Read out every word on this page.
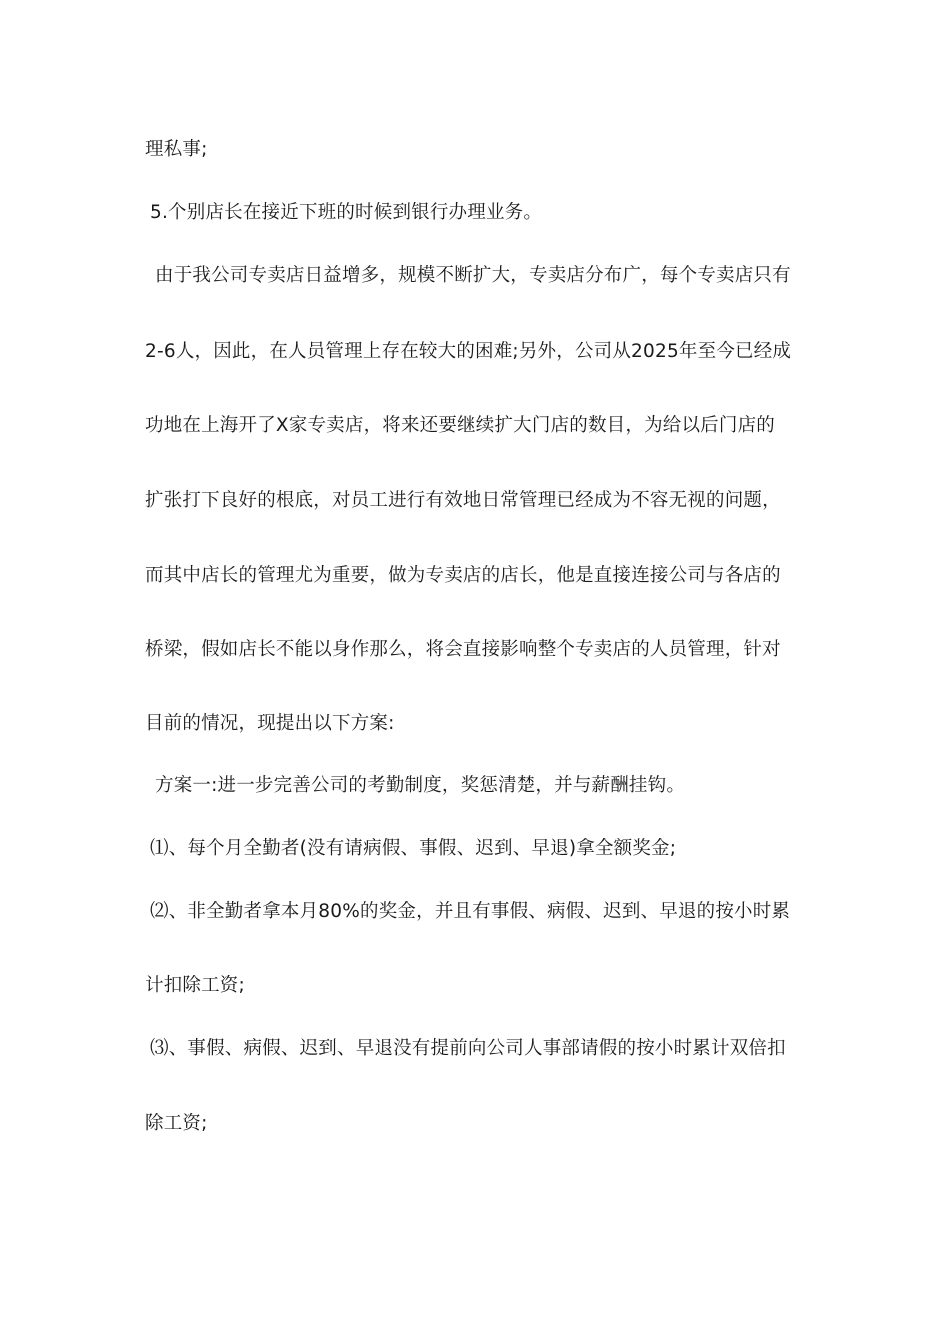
理私事;
5.个别店长在接近下班的时候到银行办理业务。
由于我公司专卖店日益增多，规模不断扩大，专卖店分布广，每个专卖店只有
2-6人，因此，在人员管理上存在较大的困难;另外，公司从2025年至今已经成
功地在上海开了X家专卖店，将来还要继续扩大门店的数目，为给以后门店的
扩张打下良好的根底，对员工进行有效地日常管理已经成为不容无视的问题，
而其中店长的管理尤为重要，做为专卖店的店长，他是直接连接公司与各店的
桥梁，假如店长不能以身作那么，将会直接影响整个专卖店的人员管理，针对
目前的情况，现提出以下方案:
方案一:进一步完善公司的考勤制度，奖惩清楚，并与薪酬挂钩。
⑴、每个月全勤者(没有请病假、事假、迟到、早退)拿全额奖金;
⑵、非全勤者拿本月80%的奖金，并且有事假、病假、迟到、早退的按小时累
计扣除工资;
⑶、事假、病假、迟到、早退没有提前向公司人事部请假的按小时累计双倍扣
除工资;
